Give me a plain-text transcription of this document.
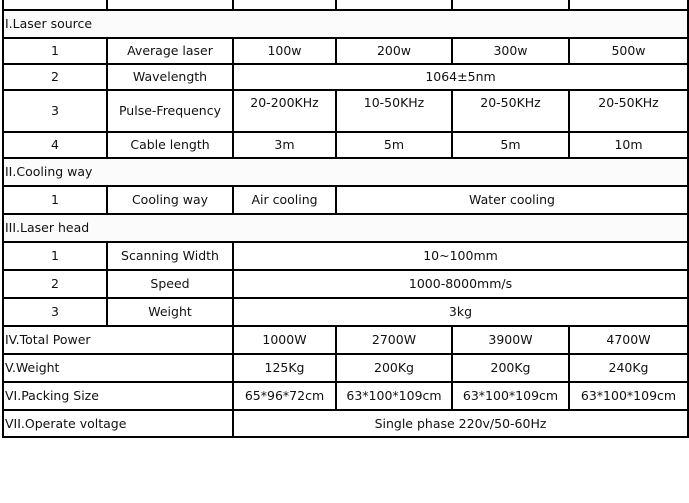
I.Laser source					
1	Average laser	100w	200w	300w	500w
2	Wavelength	1064±5nm			
3	Pulse-Frequency	20-200KHz	10-50KHz	20-50KHz	20-50KHz
4	Cable length	3m	5m	5m	10m
II.Cooling way					
1	Cooling way	Air cooling	Water cooling		
III.Laser head					
1	Scanning Width	10~100mm			
2	Speed	1000-8000mm/s			
3	Weight	3kg			
IV.Total Power		1000W	2700W	3900W	4700W
V.Weight		125Kg	200Kg	200Kg	240Kg
VI.Packing Size		65*96*72cm	63*100*109cm	63*100*109cm	63*100*109cm
VII.Operate voltage		Single phase 220v/50-60Hz			
